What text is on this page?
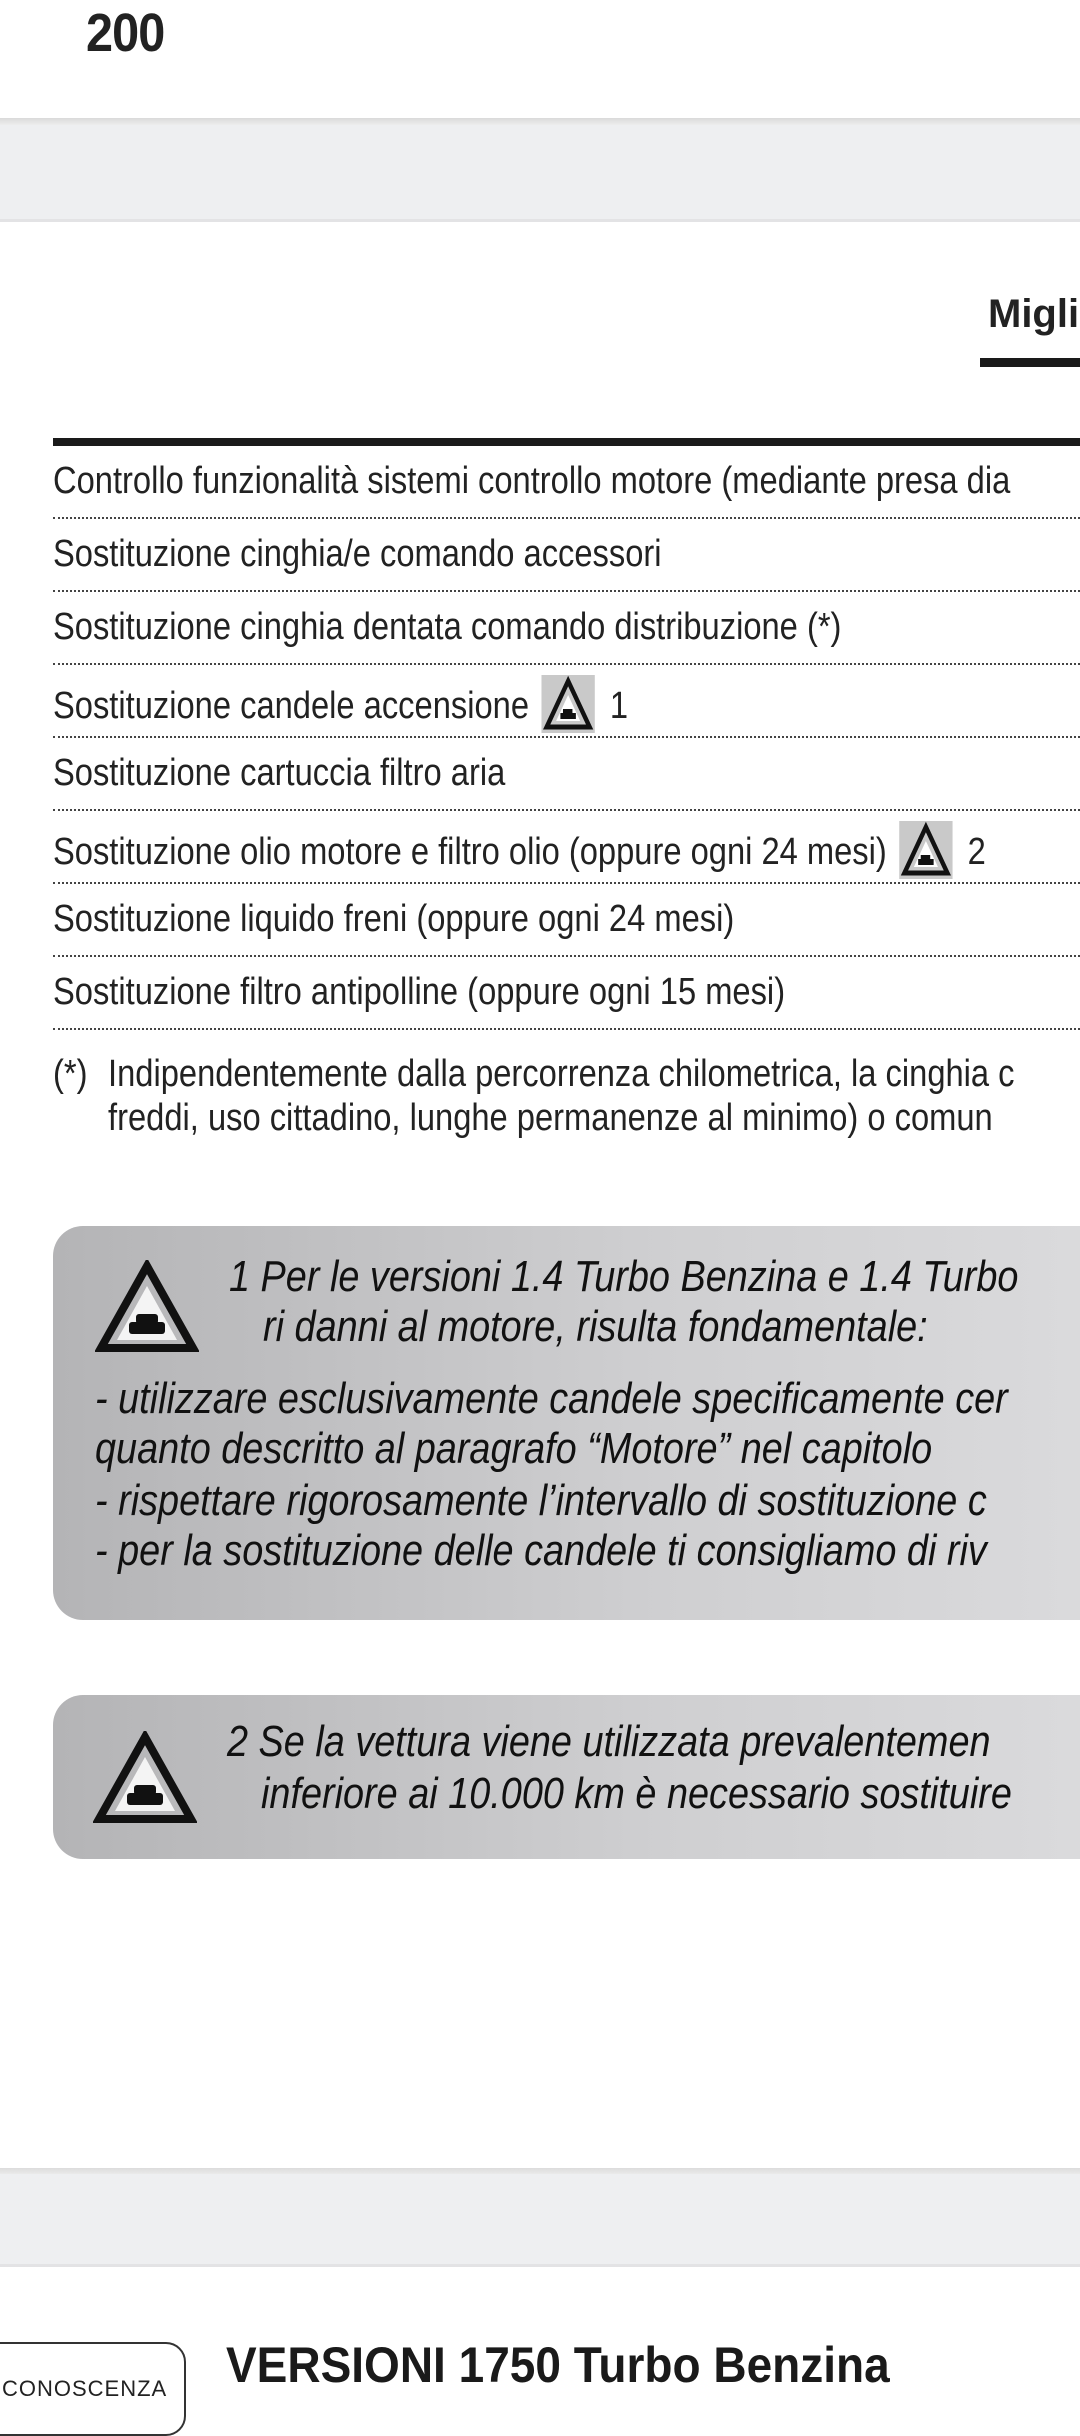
200
Migli
Controllo funzionalità sistemi controllo motore (mediante presa dia
Sostituzione cinghia/e comando accessori
Sostituzione cinghia dentata comando distribuzione (*)
Sostituzione candele accensione 1
Sostituzione cartuccia filtro aria
Sostituzione olio motore e filtro olio (oppure ogni 24 mesi) 2
Sostituzione liquido freni (oppure ogni 24 mesi)
Sostituzione filtro antipolline (oppure ogni 15 mesi)
(*) Indipendentemente dalla percorrenza chilometrica, la cinghia c
freddi, uso cittadino, lunghe permanenze al minimo) o comun
1 Per le versioni 1.4 Turbo Benzina e 1.4 Turbo
ri danni al motore, risulta fondamentale:
- utilizzare esclusivamente candele specificamente cer
quanto descritto al paragrafo “Motore” nel capitolo
- rispettare rigorosamente l’intervallo di sostituzione c
- per la sostituzione delle candele ti consigliamo di riv
2 Se la vettura viene utilizzata prevalentemen
inferiore ai 10.000 km è necessario sostituire
CONOSCENZA VERSIONI 1750 Turbo Benzina
